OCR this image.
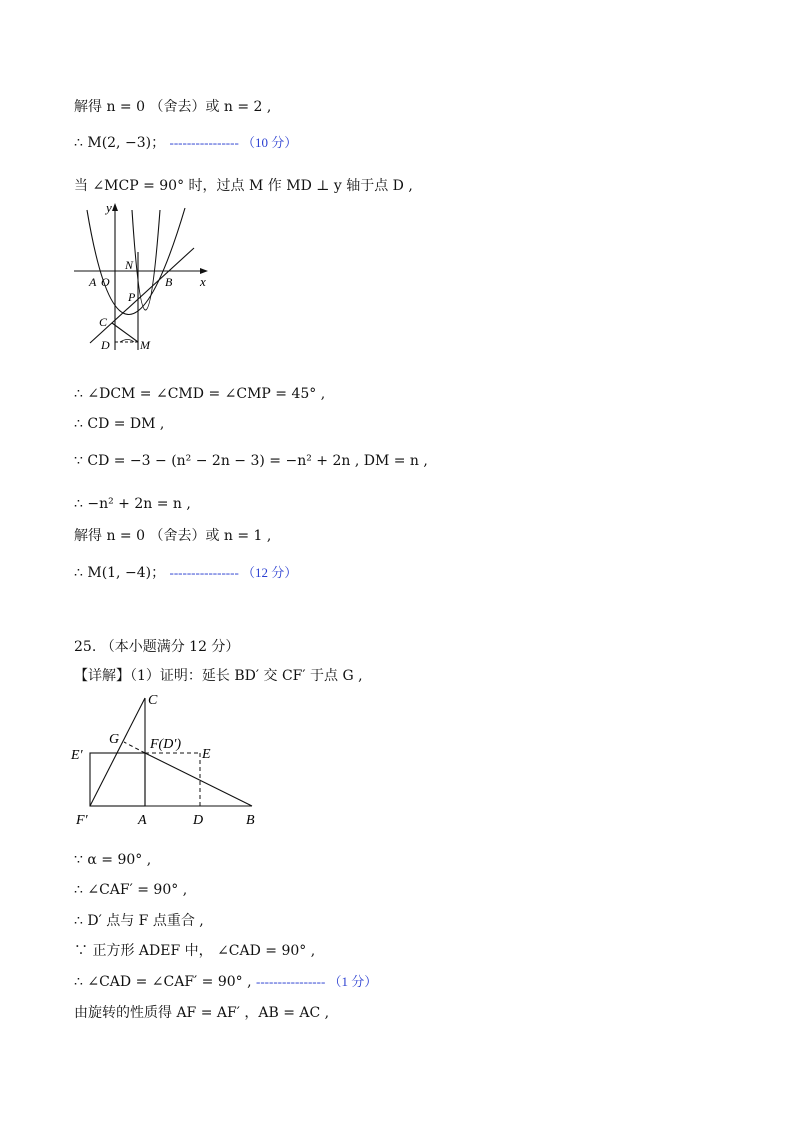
解得 n = 0 （舍去）或 n = 2 ,
∴ M(2, −3)； ---------------- （10 分）
当 ∠MCP = 90° 时，过点 M 作 MD ⊥ y 轴于点 D ,
y
x
N
A O	B
P
C
D	M
∴ ∠DCM = ∠CMD = ∠CMP = 45° ,
∴ CD = DM ,
∵ CD = −3 − (n² − 2n − 3) = −n² + 2n , DM = n ,
∴ −n² + 2n = n ,
解得 n = 0 （舍去）或 n = 1 ,
∴ M(1, −4)； ---------------- （12 分）
25. （本小题满分 12 分）
【详解】（1）证明：延长 BD′ 交 CF′ 于点 G ,
C
G F(D′)
E
E′
F′	A	D	B
∵ α = 90° ,
∴ ∠CAF′ = 90° ,
∴ D′ 点与 F 点重合 ,
∵ 正方形 ADEF 中， ∠CAD = 90° ,
∴ ∠CAD = ∠CAF′ = 90° , ---------------- （1 分）
由旋转的性质得 AF = AF′ ，AB = AC ,
